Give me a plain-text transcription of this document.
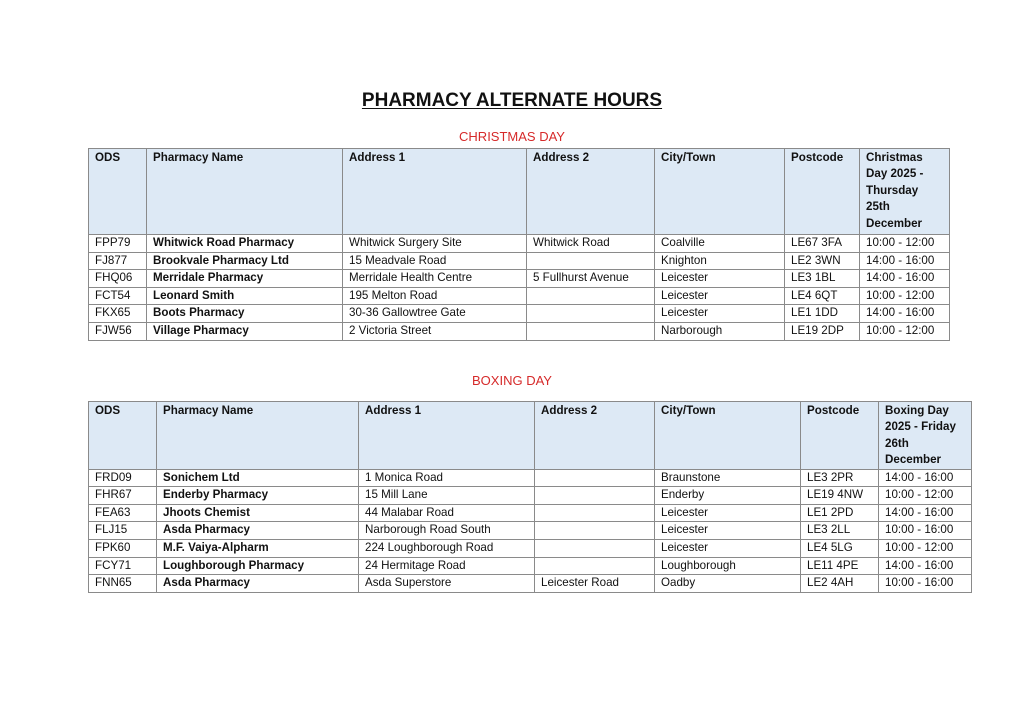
PHARMACY ALTERNATE HOURS
CHRISTMAS DAY
ODS	Pharmacy Name	Address 1	Address 2	City/Town	Postcode	Christmas Day 2025 - Thursday 25th December
FPP79	Whitwick Road Pharmacy	Whitwick Surgery Site	Whitwick Road	Coalville	LE67 3FA	10:00 - 12:00
FJ877	Brookvale Pharmacy Ltd	15 Meadvale Road		Knighton	LE2 3WN	14:00 - 16:00
FHQ06	Merridale Pharmacy	Merridale Health Centre	5 Fullhurst Avenue	Leicester	LE3 1BL	14:00 - 16:00
FCT54	Leonard Smith	195 Melton Road		Leicester	LE4 6QT	10:00 - 12:00
FKX65	Boots Pharmacy	30-36 Gallowtree Gate		Leicester	LE1 1DD	14:00 - 16:00
FJW56	Village Pharmacy	2 Victoria Street		Narborough	LE19 2DP	10:00 - 12:00
BOXING DAY
ODS	Pharmacy Name	Address 1	Address 2	City/Town	Postcode	Boxing Day 2025 - Friday 26th December
FRD09	Sonichem Ltd	1 Monica Road		Braunstone	LE3 2PR	14:00 - 16:00
FHR67	Enderby Pharmacy	15 Mill Lane		Enderby	LE19 4NW	10:00 - 12:00
FEA63	Jhoots Chemist	44 Malabar Road		Leicester	LE1 2PD	14:00 - 16:00
FLJ15	Asda Pharmacy	Narborough Road South		Leicester	LE3 2LL	10:00 - 16:00
FPK60	M.F. Vaiya-Alpharm	224 Loughborough Road		Leicester	LE4 5LG	10:00 - 12:00
FCY71	Loughborough Pharmacy	24 Hermitage Road		Loughborough	LE11 4PE	14:00 - 16:00
FNN65	Asda Pharmacy	Asda Superstore	Leicester Road	Oadby	LE2 4AH	10:00 - 16:00
